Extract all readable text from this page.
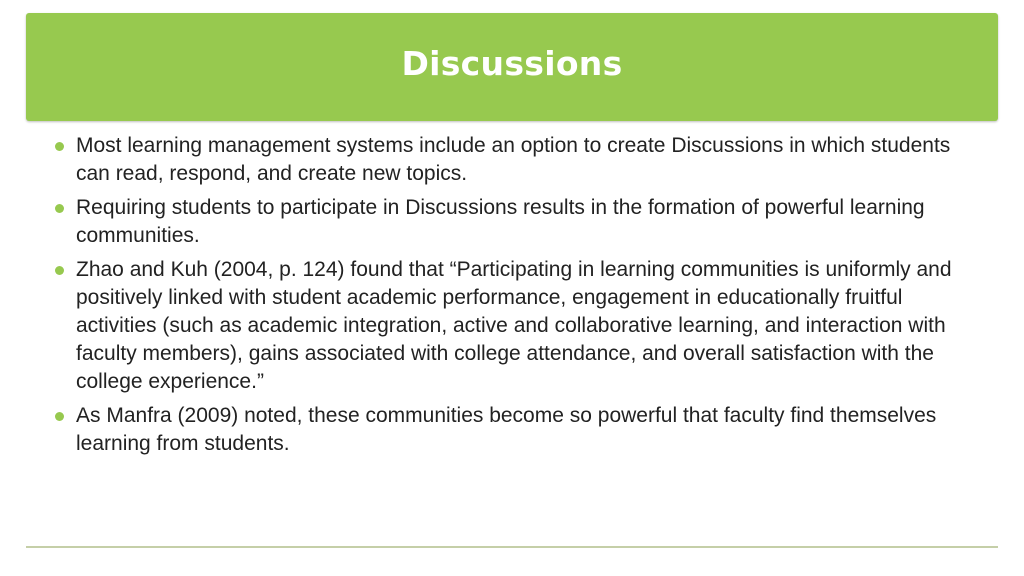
Discussions
Most learning management systems include an option to create Discussions in which students can read, respond, and create new topics.
Requiring students to participate in Discussions results in the formation of powerful learning communities.
Zhao and Kuh (2004, p. 124) found that “Participating in learning communities is uniformly and positively linked with student academic performance, engagement in educationally fruitful activities (such as academic integration, active and collaborative learning, and interaction with faculty members), gains associated with college attendance, and overall satisfaction with the college experience.”
As Manfra (2009) noted, these communities become so powerful that faculty find themselves learning from students.
